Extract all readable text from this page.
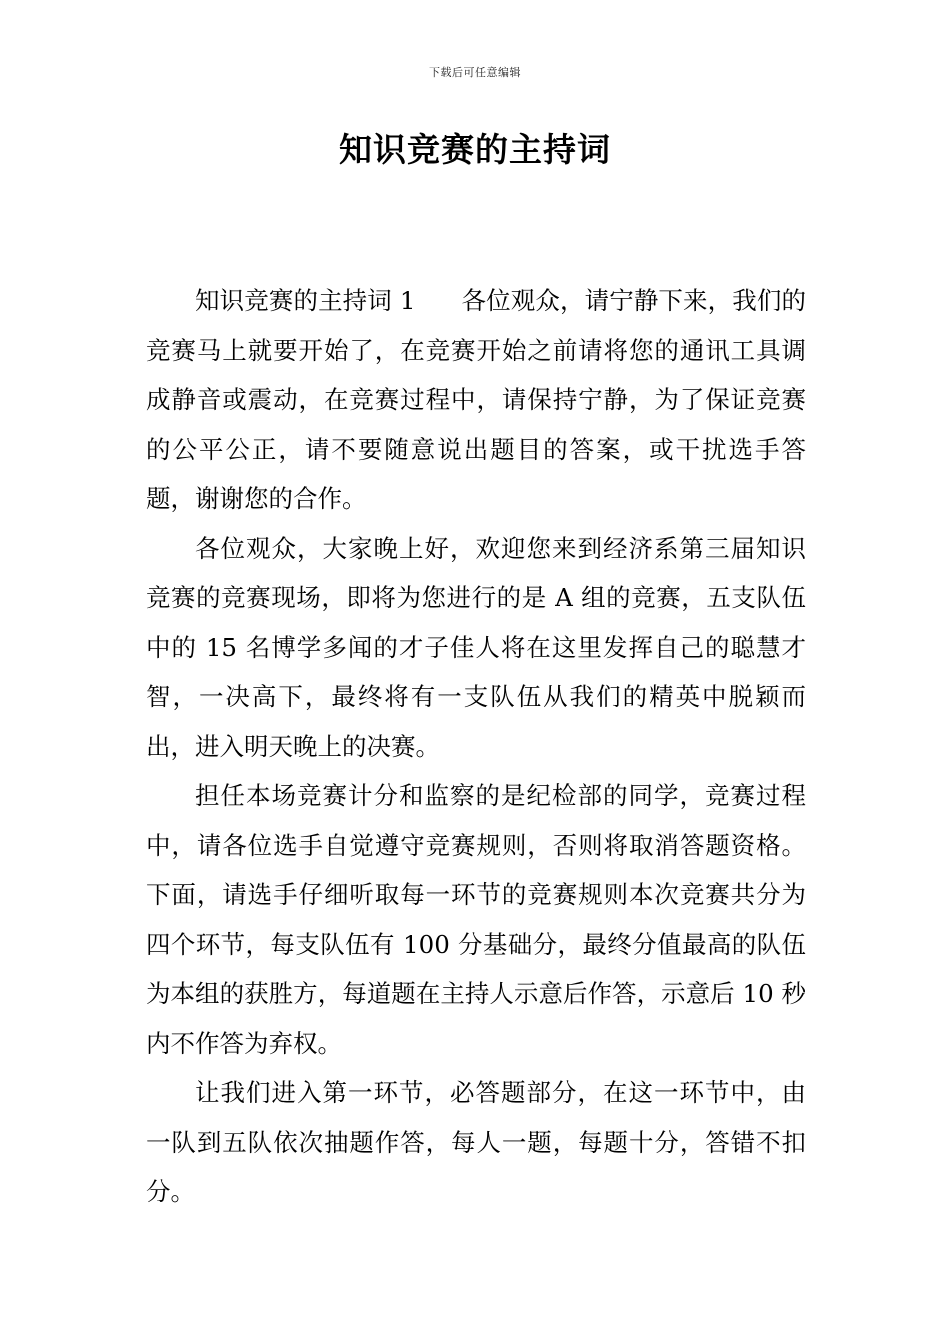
下载后可任意编辑
知识竞赛的主持词

知识竞赛的主持词 1 各位观众，请宁静下来，我们的竞赛马上就要开始了，在竞赛开始之前请将您的通讯工具调成静音或震动，在竞赛过程中，请保持宁静，为了保证竞赛的公平公正，请不要随意说出题目的答案，或干扰选手答题，谢谢您的合作。

各位观众，大家晚上好，欢迎您来到经济系第三届知识竞赛的竞赛现场，即将为您进行的是 A 组的竞赛，五支队伍中的 15 名博学多闻的才子佳人将在这里发挥自己的聪慧才智，一决高下，最终将有一支队伍从我们的精英中脱颖而出，进入明天晚上的决赛。

担任本场竞赛计分和监察的是纪检部的同学，竞赛过程中，请各位选手自觉遵守竞赛规则，否则将取消答题资格。下面，请选手仔细听取每一环节的竞赛规则本次竞赛共分为四个环节，每支队伍有 100 分基础分，最终分值最高的队伍为本组的获胜方，每道题在主持人示意后作答，示意后 10 秒内不作答为弃权。

让我们进入第一环节，必答题部分，在这一环节中，由一队到五队依次抽题作答，每人一题，每题十分，答错不扣分。
